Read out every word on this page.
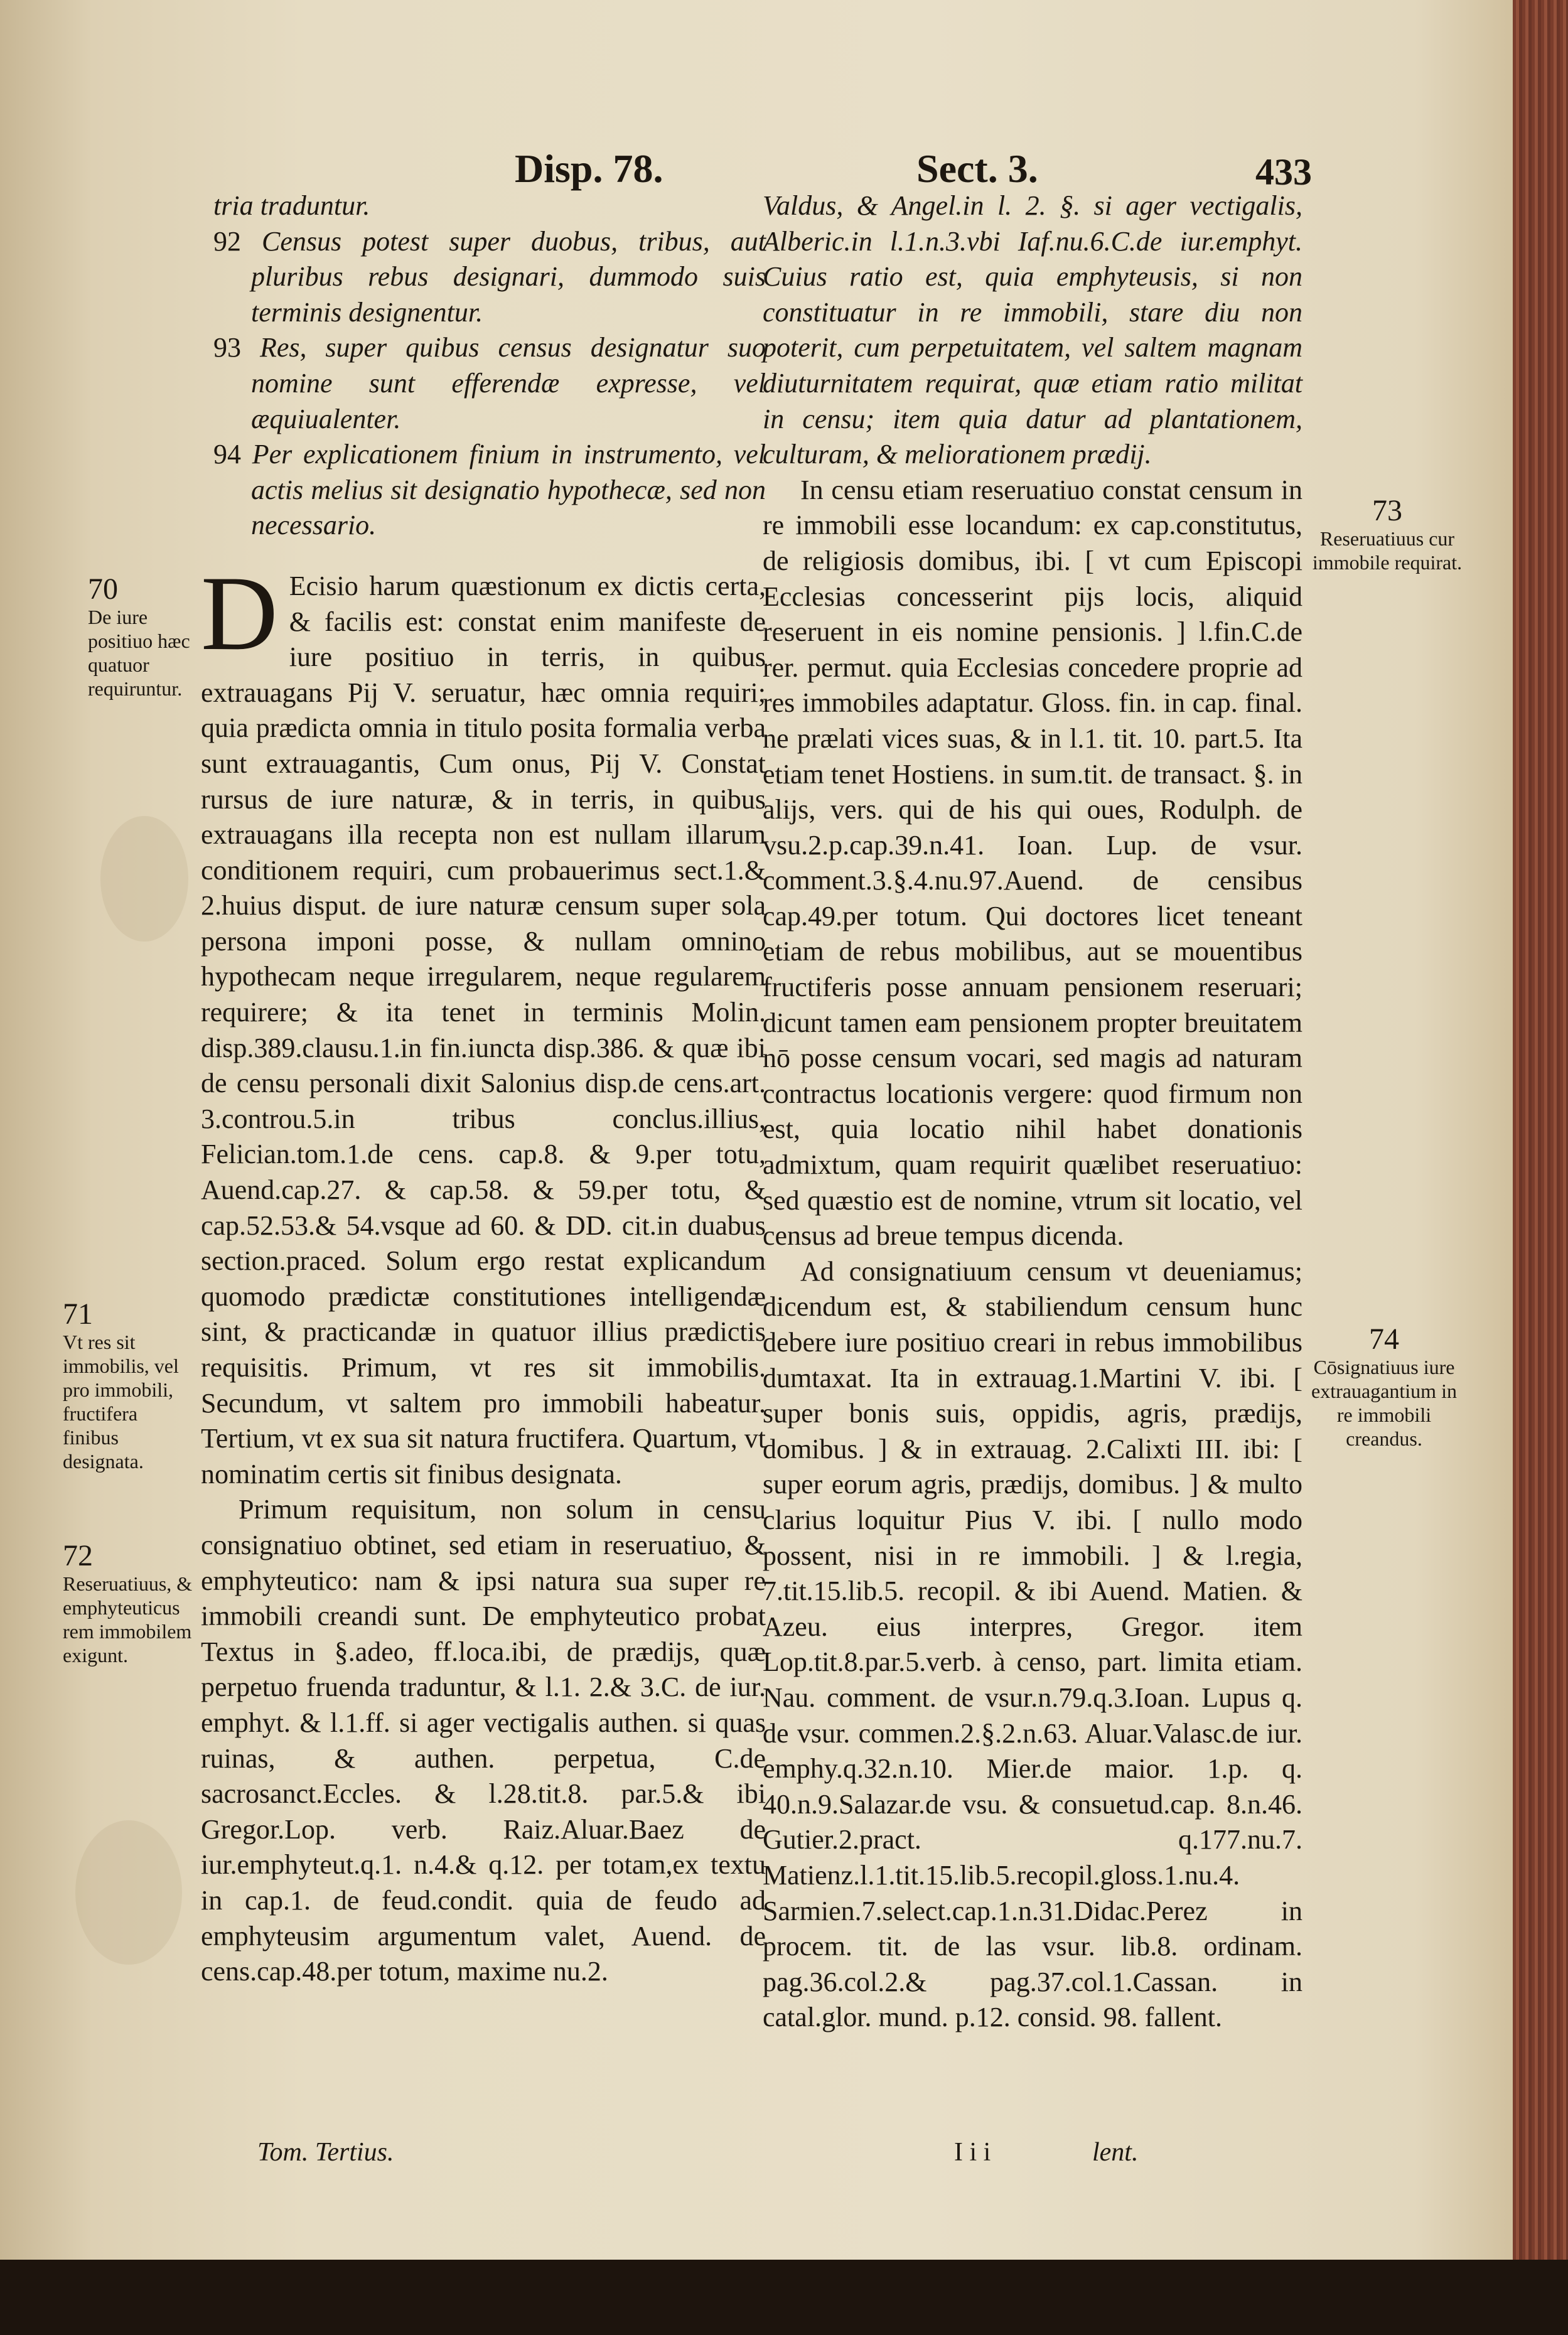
Disp. 78.	Sect. 3.	433
tria traduntur.
92 Census potest super duobus, tribus, aut pluribus rebus designari, dummodo suis terminis designentur.
93 Res, super quibus census designatur suo nomine sunt efferendæ expresse, vel æquiualenter.
94 Per explicationem finium in instrumento, vel actis melius sit designatio hypothecæ, sed non necessario.

D Ecisio harum quæstionum ex dictis certa, & facilis est: constat enim manifeste de iure positiuo in terris, in quibus extrauagans Pij V. seruatur, hæc omnia requiri; quia prædicta omnia in titulo posita formalia verba sunt extrauagantis, Cum onus, Pij V. Constat rursus de iure naturæ, & in terris, in quibus extrauagans illa recepta non est nullam illarum conditionem requiri, cum probauerimus sect.1.& 2.huius disput. de iure naturæ censum super sola persona imponi posse, & nullam omnino hypothecam neque irregularem, neque regularem requirere; & ita tenet in terminis Molin. disp.389.clausu.1.in fin.iuncta disp.386. & quæ ibi de censu personali dixit Salonius disp.de cens.art. 3.controu.5.in tribus conclus.illius, Felician.tom.1.de cens. cap.8. & 9.per totu, Auend.cap.27. & cap.58. & 59.per totu, & cap.52.53.& 54.vsque ad 60. & DD. cit.in duabus section.praced. Solum ergo restat explicandum quomodo prædictæ constitutiones intelligendæ sint, & practicandæ in quatuor illius prædictis requisitis. Primum, vt res sit immobilis. Secundum, vt saltem pro immobili habeatur. Tertium, vt ex sua sit natura fructifera. Quartum, vt nominatim certis sit finibus designata.

Primum requisitum, non solum in censu consignatiuo obtinet, sed etiam in reseruatiuo, & emphyteutico: nam & ipsi natura sua super re immobili creandi sunt. De emphyteutico probat Textus in §.adeo, ff.loca.ibi, de prædijs, quæ perpetuo fruenda traduntur, & l.1. 2.& 3.C. de iur. emphyt. & l.1.ff. si ager vectigalis authen. si quas ruinas, & authen. perpetua, C.de sacrosanct.Eccles. & l.28.tit.8. par.5.& ibi Gregor.Lop. verb. Raiz.Aluar.Baez de iur.emphyteut.q.1. n.4.& q.12. per totam,ex textu in cap.1. de feud.condit. quia de feudo ad emphyteusim argumentum valet, Auend. de cens.cap.48.per totum, maxime nu.2.

Valdus, & Angel.in l. 2. §. si ager vectigalis, Alberic.in l.1.n.3.vbi Iaf.nu.6.C.de iur.emphyt. Cuius ratio est, quia emphyteusis, si non constituatur in re immobili, stare diu non poterit, cum perpetuitatem, vel saltem magnam diuturnitatem requirat, quæ etiam ratio militat in censu; item quia datur ad plantationem, culturam, & meliorationem prædij.

In censu etiam reseruatiuo constat censum in re immobili esse locandum: ex cap.constitutus, de religiosis domibus, ibi. [ vt cum Episcopi Ecclesias concesserint pijs locis, aliquid reseruent in eis nomine pensionis. ] l.fin.C.de rer. permut. quia Ecclesias concedere proprie ad res immobiles adaptatur. Gloss. fin. in cap. final. ne prælati vices suas, & in l.1. tit. 10. part.5. Ita etiam tenet Hostiens. in sum.tit. de transact. §. in alijs, vers. qui de his qui oues, Rodulph. de vsu.2.p.cap.39.n.41. Ioan. Lup. de vsur. comment.3.§.4.nu.97.Auend. de censibus cap.49.per totum. Qui doctores licet teneant etiam de rebus mobilibus, aut se mouentibus fructiferis posse annuam pensionem reseruari; dicunt tamen eam pensionem propter breuitatem nō posse censum vocari, sed magis ad naturam contractus locationis vergere: quod firmum non est, quia locatio nihil habet donationis admixtum, quam requirit quælibet reseruatiuo: sed quæstio est de nomine, vtrum sit locatio, vel census ad breue tempus dicenda.

Ad consignatiuum censum vt deueniamus; dicendum est, & stabiliendum censum hunc debere iure positiuo creari in rebus immobilibus dumtaxat. Ita in extrauag.1.Martini V. ibi. [ super bonis suis, oppidis, agris, prædijs, domibus. ] & in extrauag. 2.Calixti III. ibi: [ super eorum agris, prædijs, domibus. ] & multo clarius loquitur Pius V. ibi. [ nullo modo possent, nisi in re immobili. ] & l.regia, 7.tit.15.lib.5. recopil. & ibi Auend. Matien. & Azeu. eius interpres, Gregor. item Lop.tit.8.par.5.verb. à censo, part. limita etiam. Nau. comment. de vsur.n.79.q.3.Ioan. Lupus q. de vsur. commen.2.§.2.n.63. Aluar.Valasc.de iur. emphy.q.32.n.10. Mier.de maior. 1.p. q. 40.n.9.Salazar.de vsu. & consuetud.cap. 8.n.46. Gutier.2.pract. q.177.nu.7. Matienz.l.1.tit.15.lib.5.recopil.gloss.1.nu.4. Sarmien.7.select.cap.1.n.31.Didac.Perez in procem. tit. de las vsur. lib.8. ordinam. pag.36.col.2.& pag.37.col.1.Cassan. in catal.glor. mund. p.12. consid. 98. fallent.

70
De iure positiuo hæc quatuor requiruntur.
71
Vt res sit immobilis, vel pro immobili, fructifera finibus designata.
72
Reseruatiuus, & emphyteuticus rem immobilem exigunt.
73
Reseruatiuus cur immobile requirat.
74
Cōsignatiuus iure extrauagantium in re immobili creandus.
Tom. Tertius.	I i i	lent.
